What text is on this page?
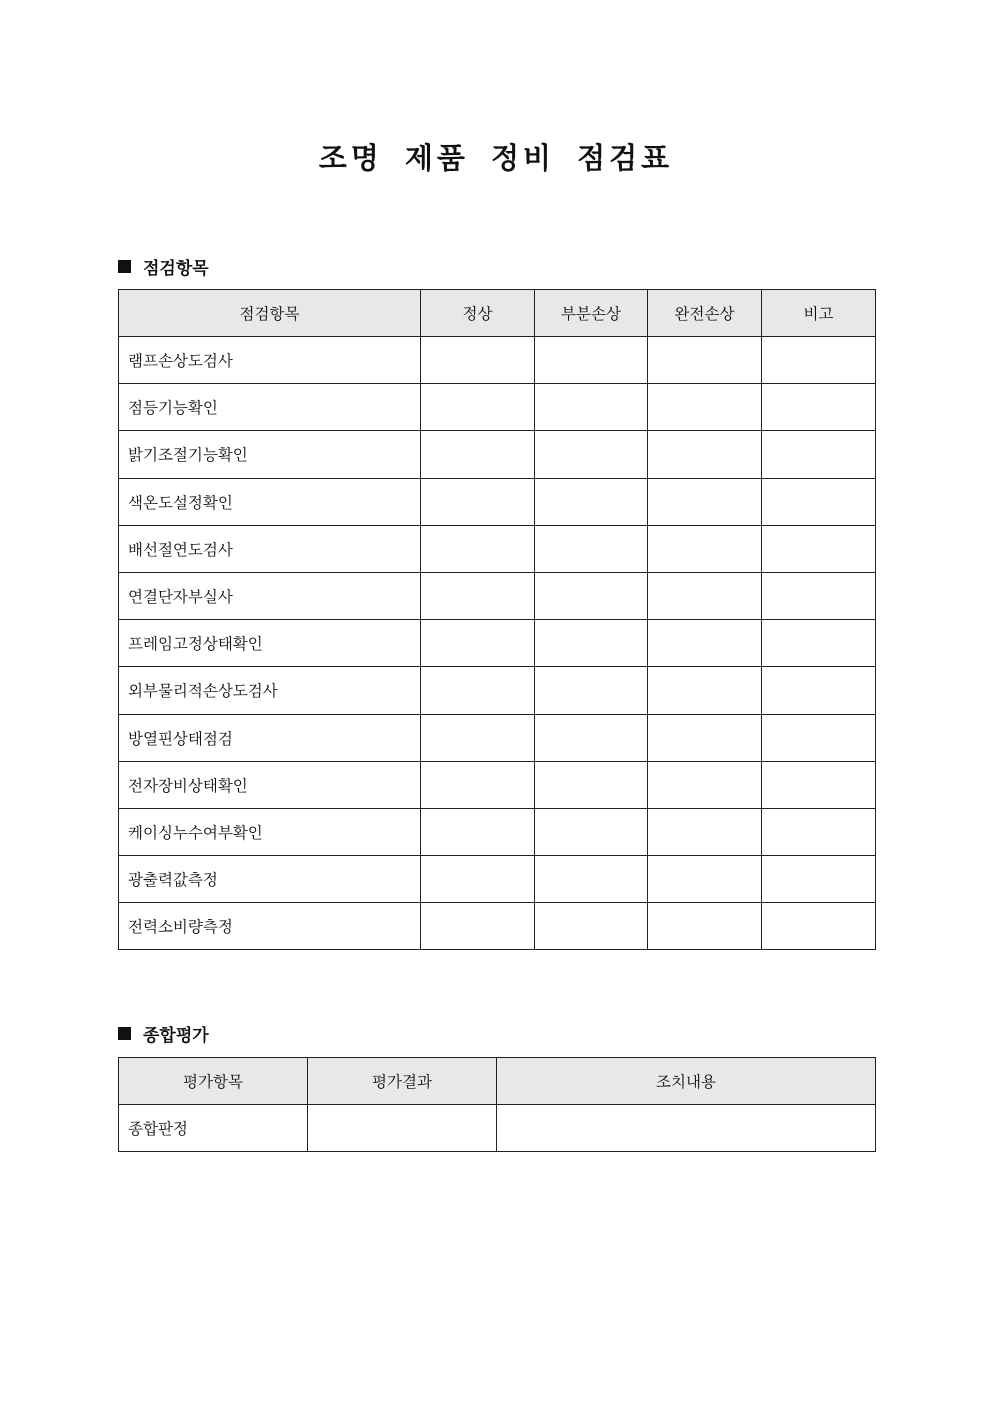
조명 제품 정비 점검표
점검항목
점검항목	정상	부분손상	완전손상	비고
램프손상도검사				
점등기능확인				
밝기조절기능확인				
색온도설정확인				
배선절연도검사				
연결단자부실사				
프레임고정상태확인				
외부물리적손상도검사				
방열핀상태점검				
전자장비상태확인				
케이싱누수여부확인				
광출력값측정				
전력소비량측정				
종합평가
평가항목	평가결과	조치내용
종합판정		
